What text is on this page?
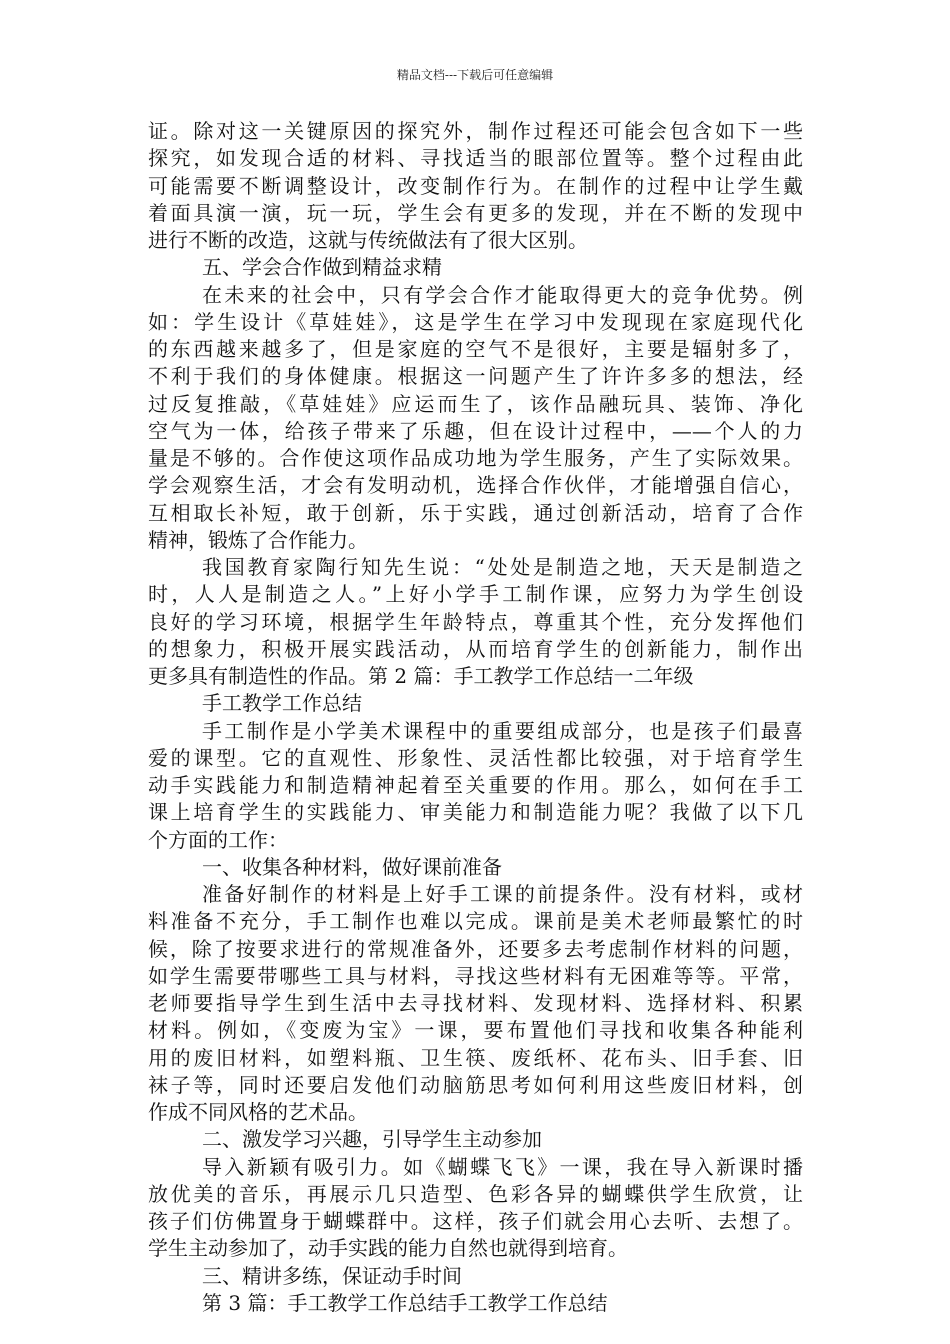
精品文档---下载后可任意编辑
证。除对这一关键原因的探究外，制作过程还可能会包含如下一些
探究，如发现合适的材料、寻找适当的眼部位置等。整个过程由此
可能需要不断调整设计，改变制作行为。在制作的过程中让学生戴
着面具演一演，玩一玩，学生会有更多的发现，并在不断的发现中
进行不断的改造，这就与传统做法有了很大区别。
五、学会合作做到精益求精
在未来的社会中，只有学会合作才能取得更大的竞争优势。例
如：学生设计《草娃娃》，这是学生在学习中发现现在家庭现代化
的东西越来越多了，但是家庭的空气不是很好，主要是辐射多了，
不利于我们的身体健康。根据这一问题产生了许许多多的想法，经
过反复推敲，《草娃娃》应运而生了，该作品融玩具、装饰、净化
空气为一体，给孩子带来了乐趣，但在设计过程中，——个人的力
量是不够的。合作使这项作品成功地为学生服务，产生了实际效果。
学会观察生活，才会有发明动机，选择合作伙伴，才能增强自信心，
互相取长补短，敢于创新，乐于实践，通过创新活动，培育了合作
精神，锻炼了合作能力。
我国教育家陶行知先生说：“处处是制造之地，天天是制造之
时，人人是制造之人。”上好小学手工制作课，应努力为学生创设
良好的学习环境，根据学生年龄特点，尊重其个性，充分发挥他们
的想象力，积极开展实践活动，从而培育学生的创新能力，制作出
更多具有制造性的作品。第 2 篇：手工教学工作总结一二年级
手工教学工作总结
手工制作是小学美术课程中的重要组成部分，也是孩子们最喜
爱的课型。它的直观性、形象性、灵活性都比较强，对于培育学生
动手实践能力和制造精神起着至关重要的作用。那么，如何在手工
课上培育学生的实践能力、审美能力和制造能力呢？我做了以下几
个方面的工作：
一、收集各种材料，做好课前准备
准备好制作的材料是上好手工课的前提条件。没有材料，或材
料准备不充分，手工制作也难以完成。课前是美术老师最繁忙的时
候，除了按要求进行的常规准备外，还要多去考虑制作材料的问题，
如学生需要带哪些工具与材料，寻找这些材料有无困难等等。平常，
老师要指导学生到生活中去寻找材料、发现材料、选择材料、积累
材料。例如，《变废为宝》一课，要布置他们寻找和收集各种能利
用的废旧材料，如塑料瓶、卫生筷、废纸杯、花布头、旧手套、旧
袜子等，同时还要启发他们动脑筋思考如何利用这些废旧材料，创
作成不同风格的艺术品。
二、激发学习兴趣，引导学生主动参加
导入新颖有吸引力。如《蝴蝶飞飞》一课，我在导入新课时播
放优美的音乐，再展示几只造型、色彩各异的蝴蝶供学生欣赏，让
孩子们仿佛置身于蝴蝶群中。这样，孩子们就会用心去听、去想了。
学生主动参加了，动手实践的能力自然也就得到培育。
三、精讲多练，保证动手时间
第 3 篇：手工教学工作总结手工教学工作总结
